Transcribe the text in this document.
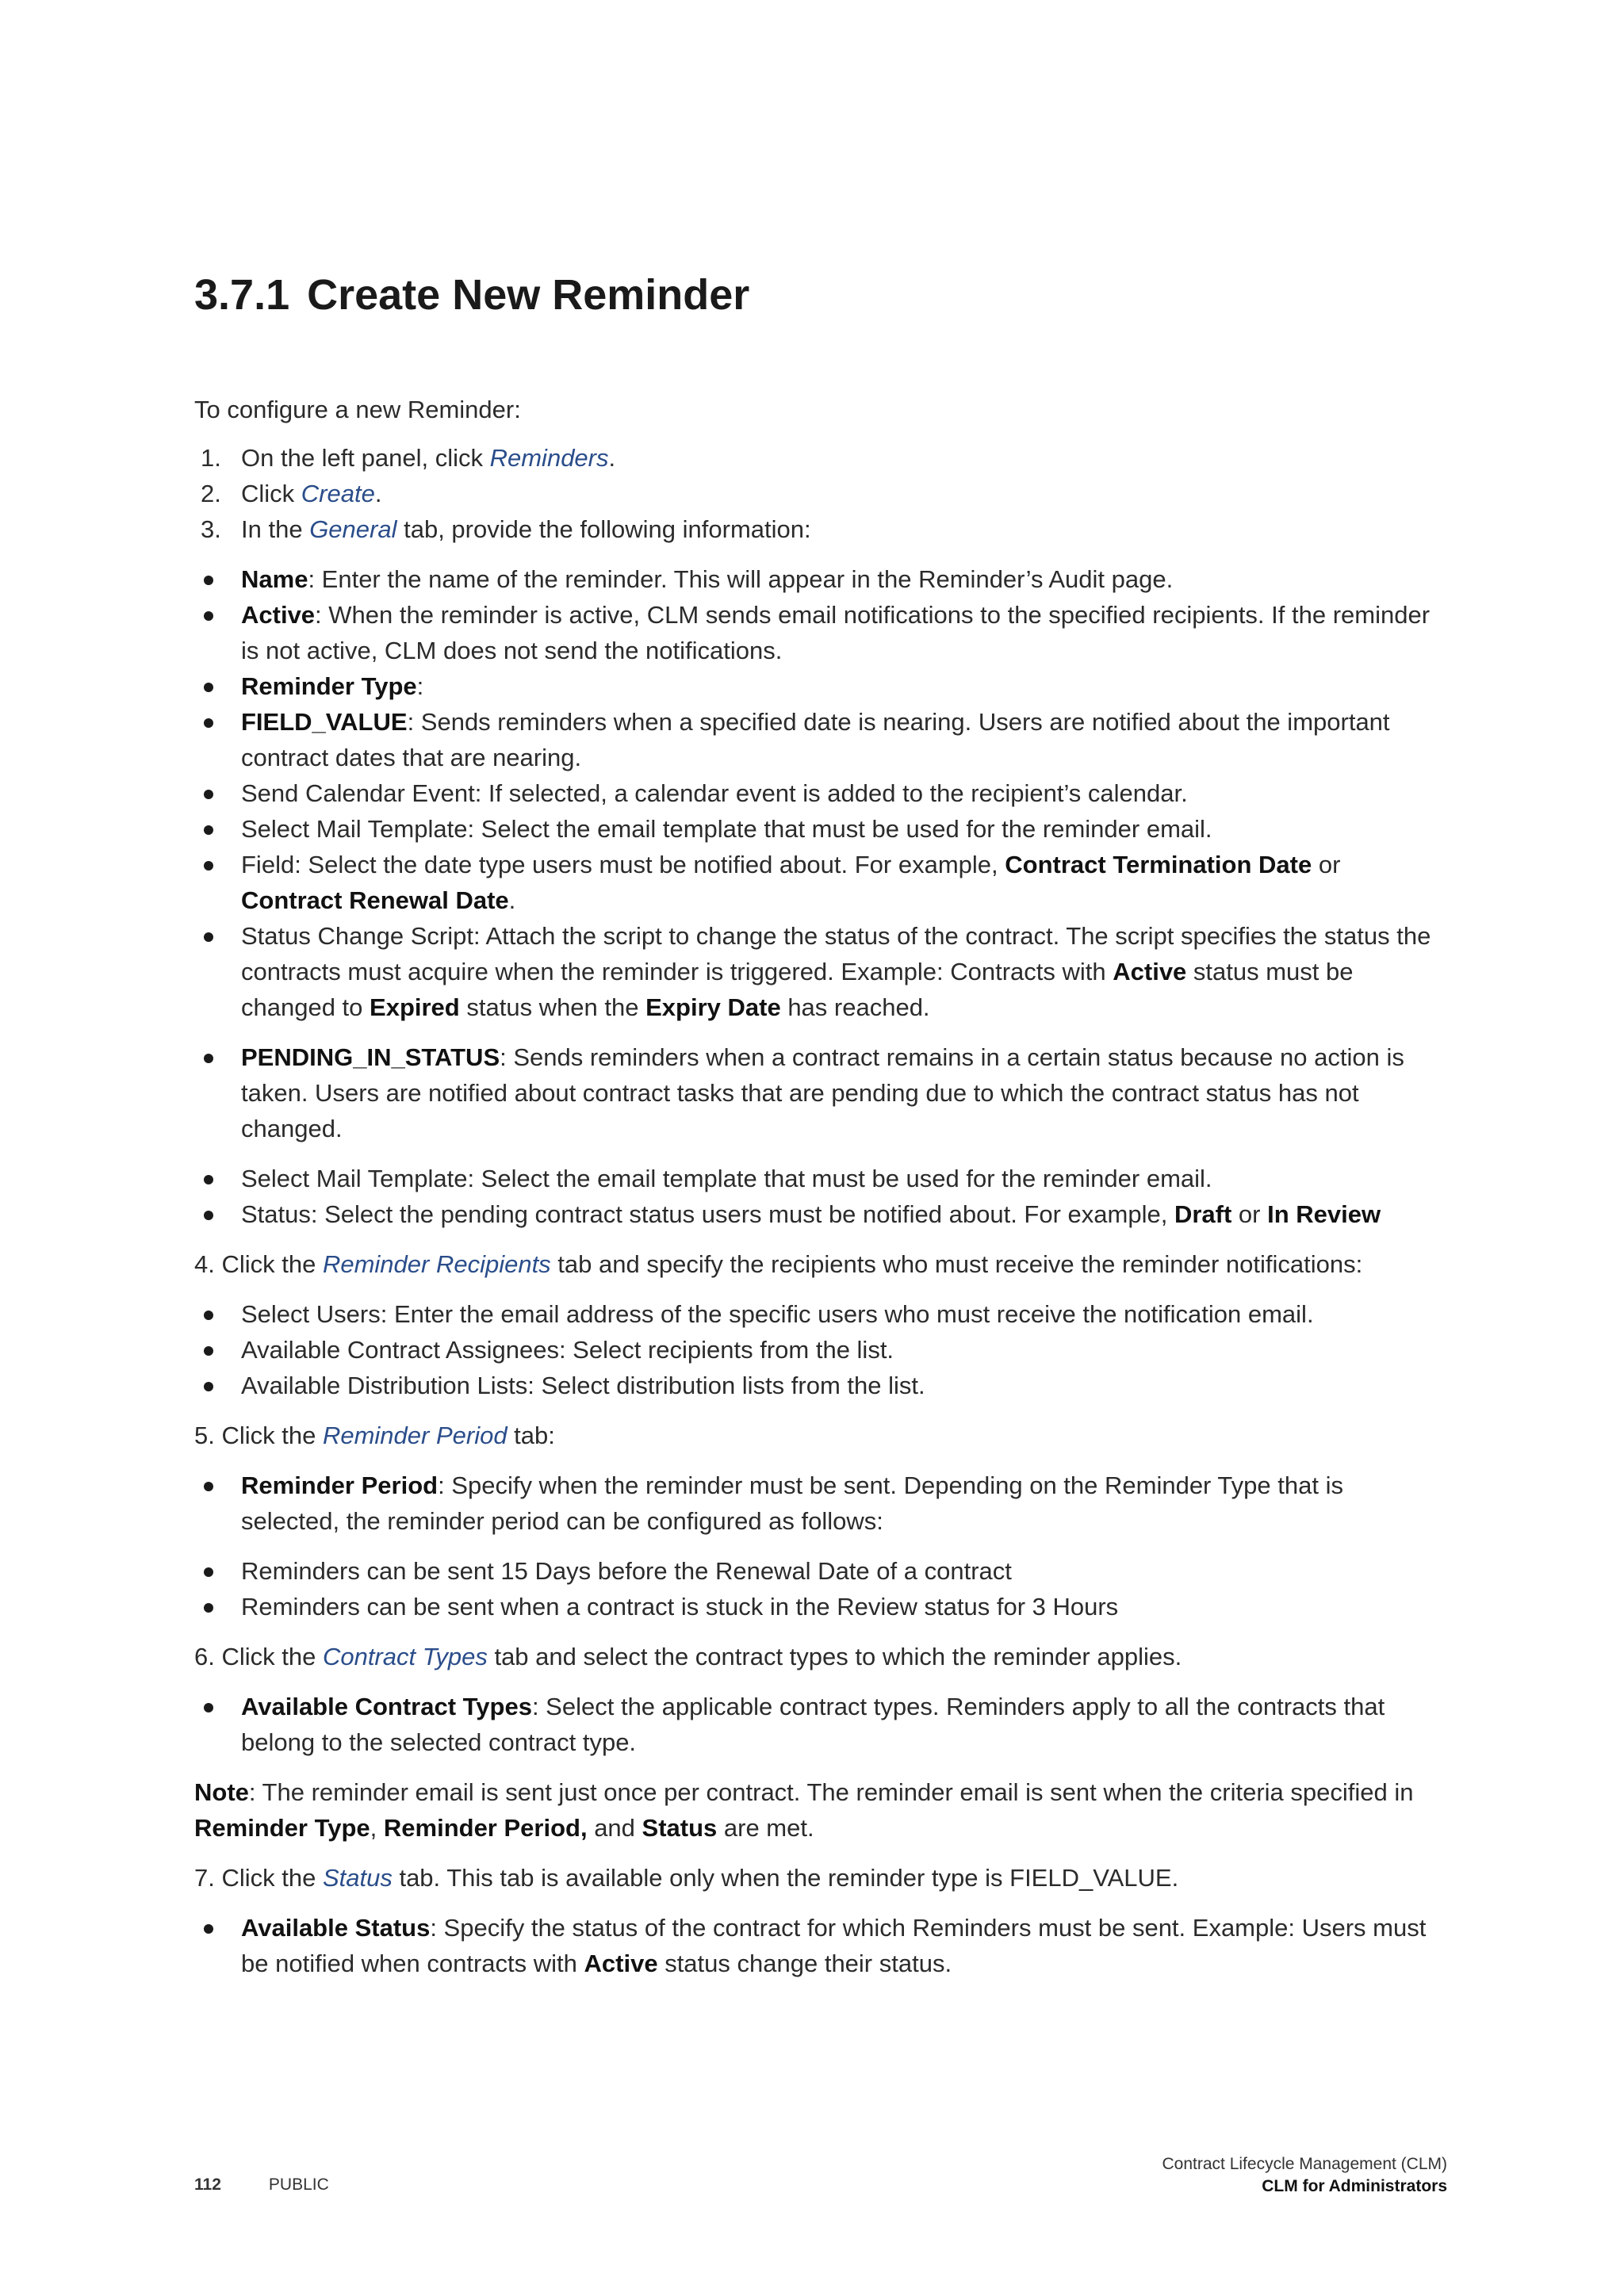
3.7.1 Create New Reminder

To configure a new Reminder:

1. On the left panel, click Reminders.
2. Click Create.
3. In the General tab, provide the following information:
Name: Enter the name of the reminder. This will appear in the Reminder’s Audit page.
Active: When the reminder is active, CLM sends email notifications to the specified recipients. If the reminder is not active, CLM does not send the notifications.
Reminder Type:
FIELD_VALUE: Sends reminders when a specified date is nearing. Users are notified about the important contract dates that are nearing.
Send Calendar Event: If selected, a calendar event is added to the recipient’s calendar.
Select Mail Template: Select the email template that must be used for the reminder email.
Field: Select the date type users must be notified about. For example, Contract Termination Date or Contract Renewal Date.
Status Change Script: Attach the script to change the status of the contract. The script specifies the status the contracts must acquire when the reminder is triggered. Example: Contracts with Active status must be changed to Expired status when the Expiry Date has reached.
PENDING_IN_STATUS: Sends reminders when a contract remains in a certain status because no action is taken. Users are notified about contract tasks that are pending due to which the contract status has not changed.
Select Mail Template: Select the email template that must be used for the reminder email.
Status: Select the pending contract status users must be notified about. For example, Draft or In Review

4. Click the Reminder Recipients tab and specify the recipients who must receive the reminder notifications:

Select Users: Enter the email address of the specific users who must receive the notification email.
Available Contract Assignees: Select recipients from the list.
Available Distribution Lists: Select distribution lists from the list.

5. Click the Reminder Period tab:

Reminder Period: Specify when the reminder must be sent. Depending on the Reminder Type that is selected, the reminder period can be configured as follows:
Reminders can be sent 15 Days before the Renewal Date of a contract
Reminders can be sent when a contract is stuck in the Review status for 3 Hours

6. Click the Contract Types tab and select the contract types to which the reminder applies.

Available Contract Types: Select the applicable contract types. Reminders apply to all the contracts that belong to the selected contract type.

Note: The reminder email is sent just once per contract. The reminder email is sent when the criteria specified in Reminder Type, Reminder Period, and Status are met.

7. Click the Status tab. This tab is available only when the reminder type is FIELD_VALUE.

Available Status: Specify the status of the contract for which Reminders must be sent. Example: Users must be notified when contracts with Active status change their status.
112	PUBLIC
Contract Lifecycle Management (CLM)
CLM for Administrators
